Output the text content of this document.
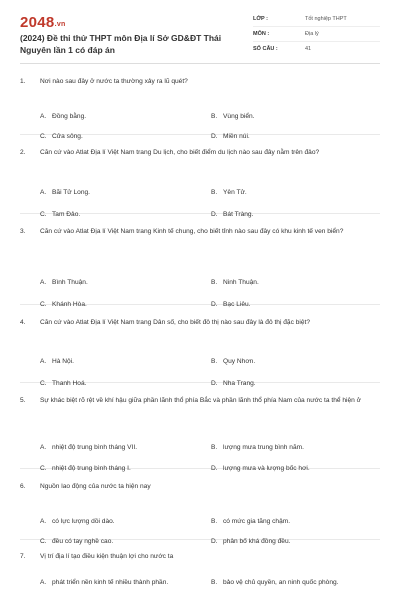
2048.vn
(2024) Đề thi thử THPT môn Địa lí Sở GD&ĐT Thái Nguyên lần 1 có đáp án
LỚP :	Tốt nghiệp THPT
MÔN :	Địa lý
SỐ CÂU :	41
1. Nơi nào sau đây ở nước ta thường xảy ra lũ quét?
A. Đồng bằng.	B. Vùng biển.
C. Cửa sông.	D. Miền núi.
2. Căn cứ vào Atlat Địa lí Việt Nam trang Du lịch, cho biết điểm du lịch nào sau đây nằm trên đảo?
A. Bãi Tử Long.	B. Yên Tử.
C. Tam Đảo.	D. Bát Tràng.
3. Căn cứ vào Atlat Địa lí Việt Nam trang Kinh tế chung, cho biết tỉnh nào sau đây có khu kinh tế ven biển?
A. Bình Thuận.	B. Ninh Thuận.
C. Khánh Hòa.	D. Bạc Liêu.
4. Căn cứ vào Atlat Địa lí Việt Nam trang Dân số, cho biết đô thị nào sau đây là đô thị đặc biệt?
A. Hà Nội.	B. Quy Nhơn.
C. Thanh Hoá.	D. Nha Trang.
5. Sự khác biệt rõ rệt về khí hậu giữa phần lãnh thổ phía Bắc và phần lãnh thổ phía Nam của nước ta thể hiện ở
A. nhiệt độ trung bình tháng VII.	B. lượng mưa trung bình năm.
C. nhiệt độ trung bình tháng I.	D. lượng mưa và lượng bốc hơi.
6. Nguồn lao động của nước ta hiện nay
A. có lực lượng dồi dào.	B. có mức gia tăng chậm.
C. đều có tay nghề cao.	D. phân bố khá đồng đều.
7. Vị trí địa lí tạo điều kiện thuận lợi cho nước ta
A. phát triển nền kinh tế nhiều thành phần.	B. bảo vệ chủ quyền, an ninh quốc phòng.
